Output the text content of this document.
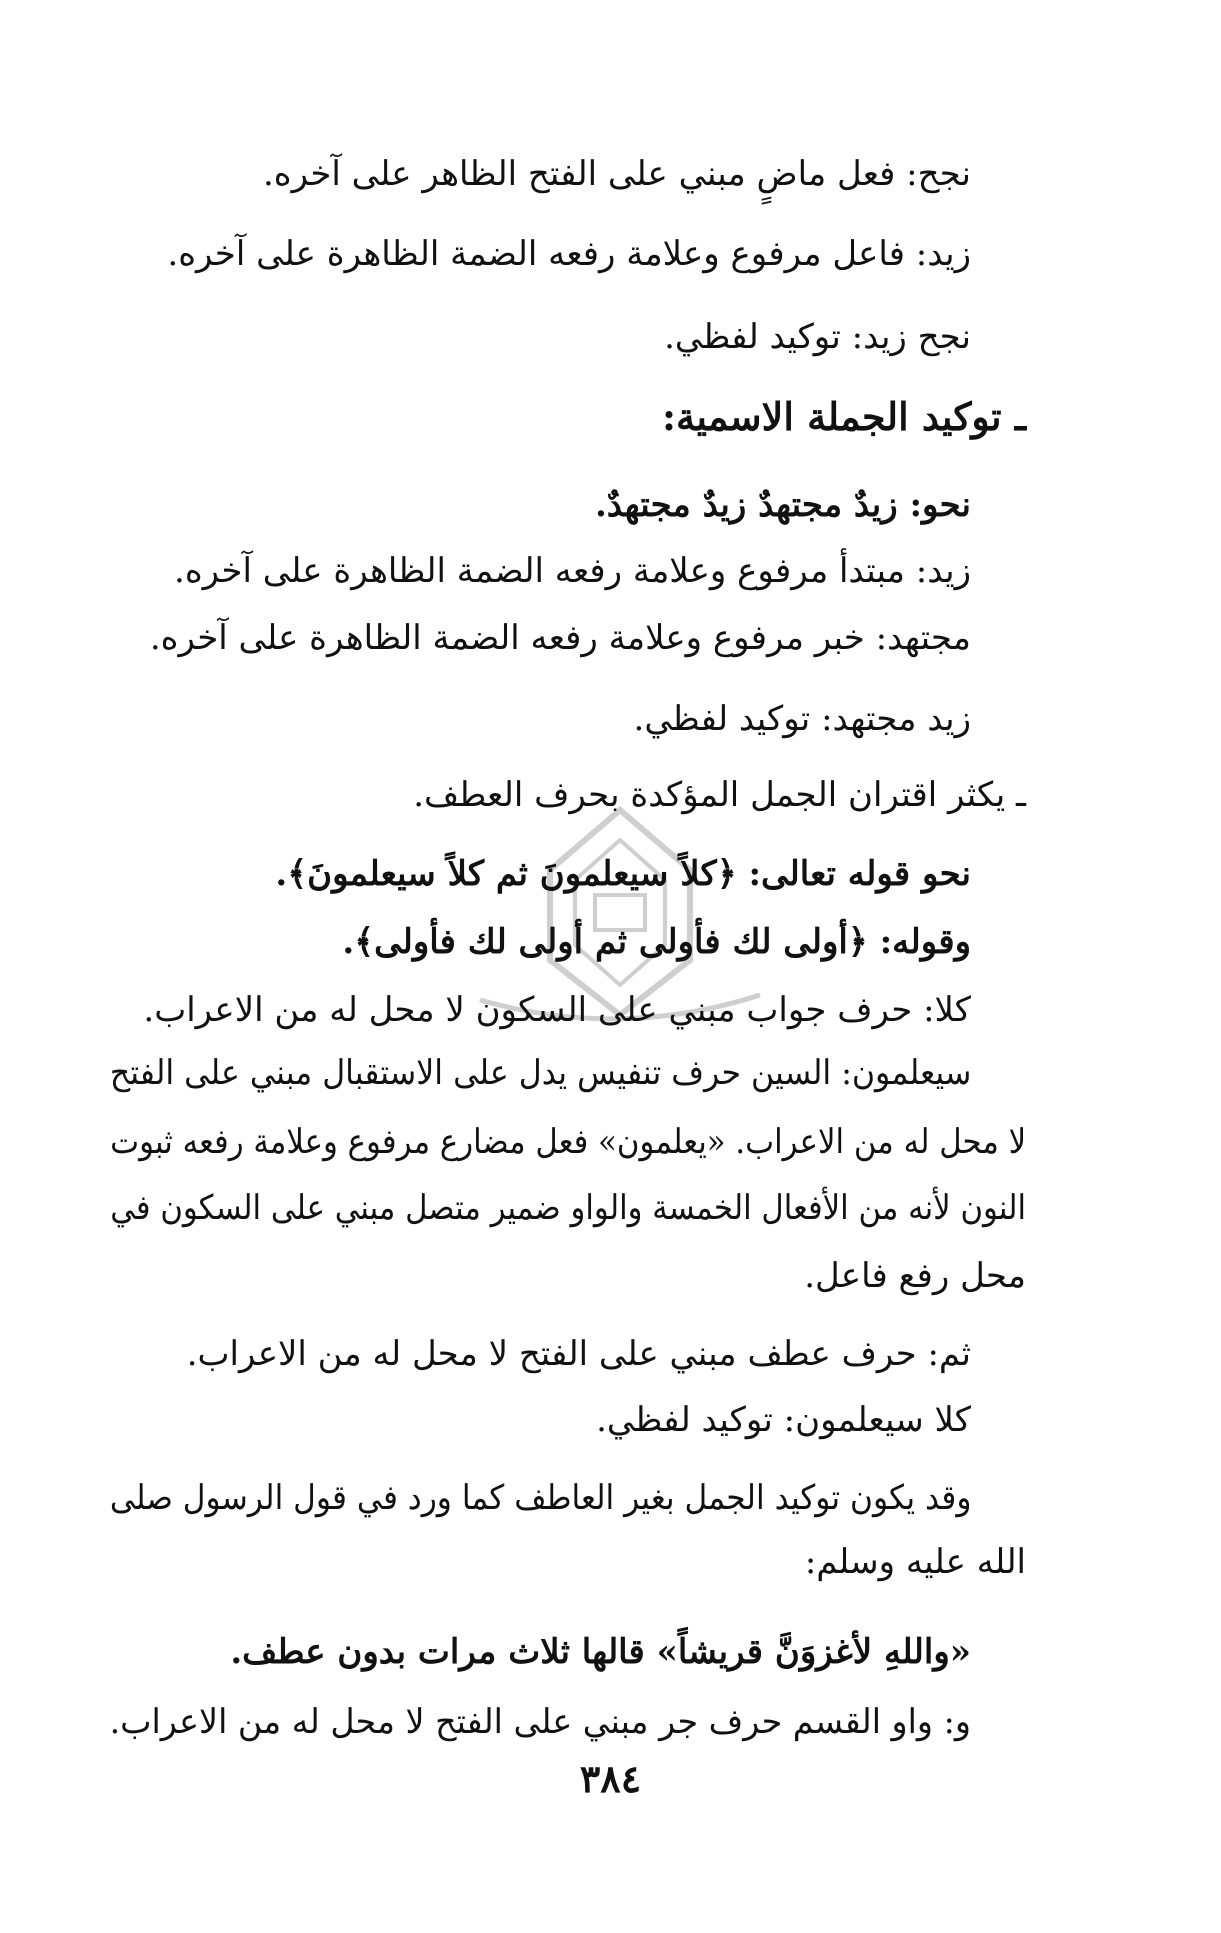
نجح: فعل ماضٍ مبني على الفتح الظاهر على آخره.
زيد: فاعل مرفوع وعلامة رفعه الضمة الظاهرة على آخره.
نجح زيد: توكيد لفظي.
ـ توكيد الجملة الاسمية:
نحو: زيدٌ مجتهدٌ زيدٌ مجتهدٌ.
زيد: مبتدأ مرفوع وعلامة رفعه الضمة الظاهرة على آخره.
مجتهد: خبر مرفوع وعلامة رفعه الضمة الظاهرة على آخره.
زيد مجتهد: توكيد لفظي.
ـ يكثر اقتران الجمل المؤكدة بحرف العطف.
نحو قوله تعالى: ﴿كلاً سيعلمونَ ثم كلاً سيعلمونَ﴾.
وقوله: ﴿أولى لك فأولى ثم أولى لك فأولى﴾.
كلا: حرف جواب مبني على السكون لا محل له من الاعراب.
سيعلمون: السين حرف تنفيس يدل على الاستقبال مبني على الفتح
لا محل له من الاعراب. «يعلمون» فعل مضارع مرفوع وعلامة رفعه ثبوت
النون لأنه من الأفعال الخمسة والواو ضمير متصل مبني على السكون في
محل رفع فاعل.
ثم: حرف عطف مبني على الفتح لا محل له من الاعراب.
كلا سيعلمون: توكيد لفظي.
وقد يكون توكيد الجمل بغير العاطف كما ورد في قول الرسول صلى
الله عليه وسلم:
«واللهِ لأغزوَنَّ قريشاً» قالها ثلاث مرات بدون عطف.
و: واو القسم حرف جر مبني على الفتح لا محل له من الاعراب.
٣٨٤
